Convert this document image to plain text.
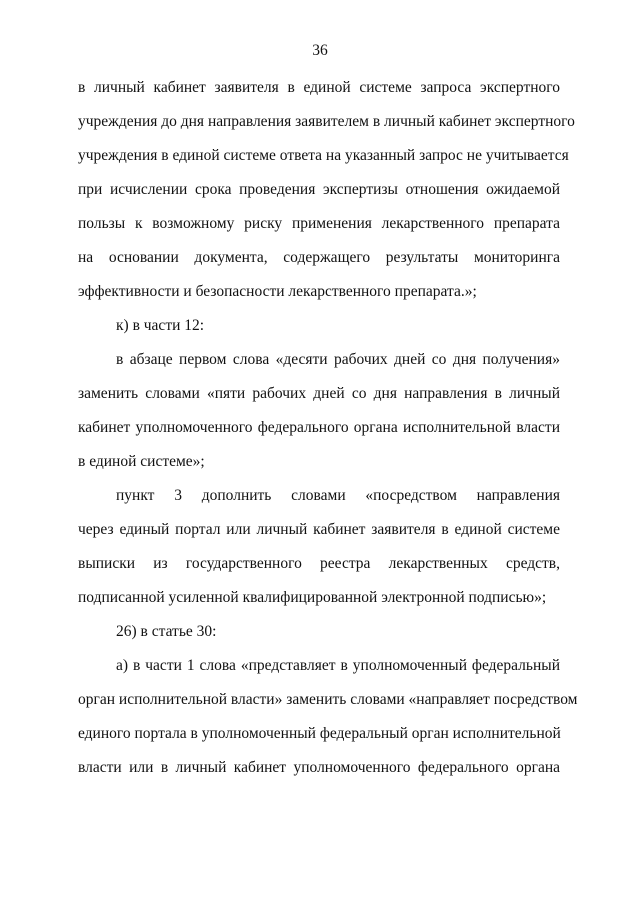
36
в личный кабинет заявителя в единой системе запроса экспертного
учреждения до дня направления заявителем в личный кабинет экспертного
учреждения в единой системе ответа на указанный запрос не учитывается
при исчислении срока проведения экспертизы отношения ожидаемой
пользы к возможному риску применения лекарственного препарата
на основании документа, содержащего результаты мониторинга
эффективности и безопасности лекарственного препарата.»;
к) в части 12:
в абзаце первом слова «десяти рабочих дней со дня получения»
заменить словами «пяти рабочих дней со дня направления в личный
кабинет уполномоченного федерального органа исполнительной власти
в единой системе»;
пункт 3 дополнить словами «посредством направления
через единый портал или личный кабинет заявителя в единой системе
выписки из государственного реестра лекарственных средств,
подписанной усиленной квалифицированной электронной подписью»;
26) в статье 30:
а) в части 1 слова «представляет в уполномоченный федеральный
орган исполнительной власти» заменить словами «направляет посредством
единого портала в уполномоченный федеральный орган исполнительной
власти или в личный кабинет уполномоченного федерального органа
